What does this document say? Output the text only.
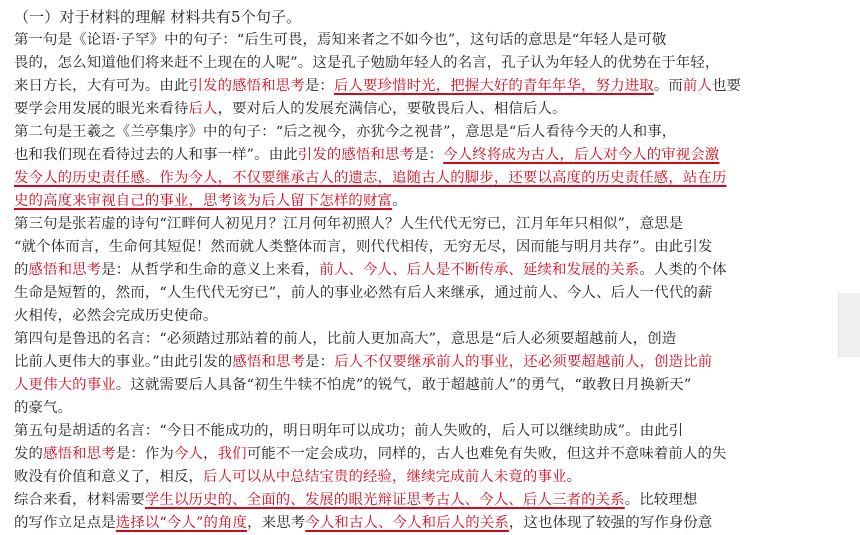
（一）对于材料的理解 材料共有5个句子。
第一句是《论语·子罕》中的句子：“后生可畏，焉知来者之不如今也”，这句话的意思是“年轻人是可敬
畏的，怎么知道他们将来赶不上现在的人呢”。这是孔子勉励年轻人的名言，孔子认为年轻人的优势在于年轻，
来日方长，大有可为。由此引发的感悟和思考是：后人要珍惜时光，把握大好的青年年华，努力进取。而前人也要
要学会用发展的眼光来看待后人，要对后人的发展充满信心，要敬畏后人、相信后人。
第二句是王羲之《兰亭集序》中的句子：“后之视今，亦犹今之视昔”，意思是“后人看待今天的人和事，
也和我们现在看待过去的人和事一样”。由此引发的感悟和思考是：今人终将成为古人，后人对今人的审视会激
发今人的历史责任感。作为今人，不仅要继承古人的遗志，追随古人的脚步，还要以高度的历史责任感，站在历
史的高度来审视自己的事业，思考该为后人留下怎样的财富。
第三句是张若虚的诗句“江畔何人初见月？江月何年初照人？人生代代无穷已，江月年年只相似”，意思是
“就个体而言，生命何其短促！然而就人类整体而言，则代代相传，无穷无尽，因而能与明月共存”。由此引发
的感悟和思考是：从哲学和生命的意义上来看，前人、今人、后人是不断传承、延续和发展的关系。人类的个体
生命是短暂的，然而，“人生代代无穷已”，前人的事业必然有后人来继承，通过前人、今人、后人一代代的薪
火相传，必然会完成历史使命。
第四句是鲁迅的名言：“必须踏过那站着的前人，比前人更加高大”，意思是“后人必须要超越前人，创造
比前人更伟大的事业。”由此引发的感悟和思考是：后人不仅要继承前人的事业，还必须要超越前人，创造比前
人更伟大的事业。这就需要后人具备“初生牛犊不怕虎”的锐气，敢于超越前人”的勇气，“敢教日月换新天”
的豪气。
第五句是胡适的名言：“今日不能成功的，明日明年可以成功；前人失败的，后人可以继续助成”。由此引
发的感悟和思考是：作为今人，我们可能不一定会成功，同样的，古人也难免有失败，但这并不意味着前人的失
败没有价值和意义了，相反，后人可以从中总结宝贵的经验，继续完成前人未竟的事业。
综合来看，材料需要学生以历史的、全面的、发展的眼光辩证思考古人、今人、后人三者的关系。比较理想
的写作立足点是选择以“今人”的角度，来思考今人和古人、今人和后人的关系，这也体现了较强的写作身份意
